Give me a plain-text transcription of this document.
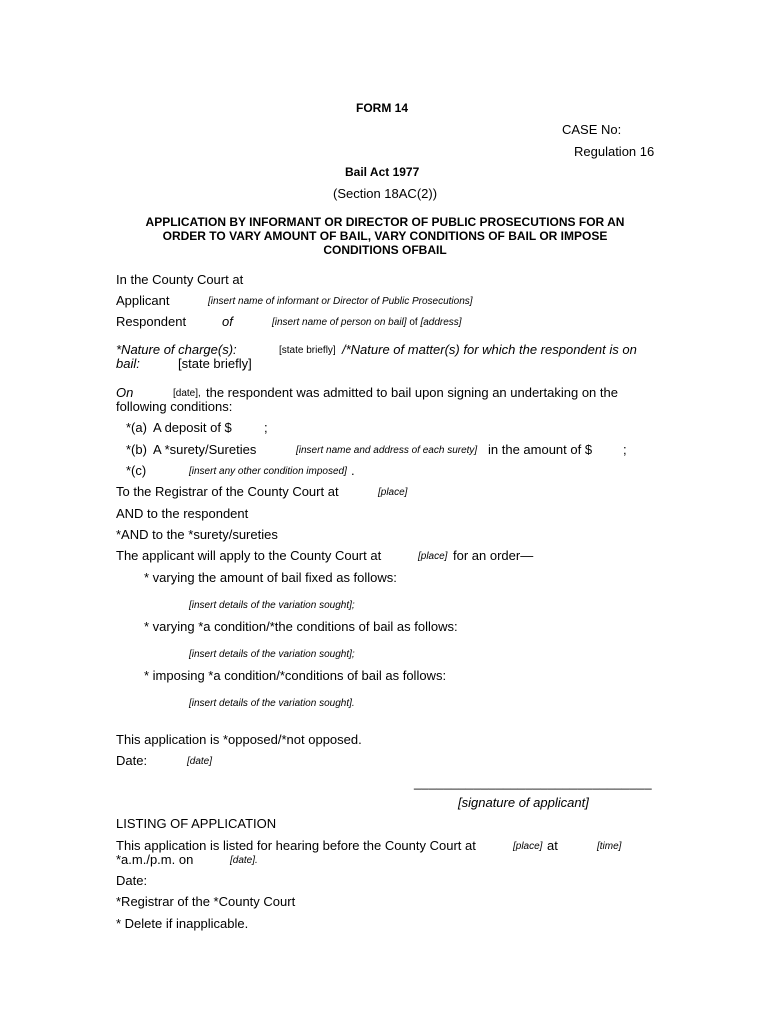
FORM 14
CASE No:
Regulation 16
Bail Act 1977
(Section 18AC(2))
APPLICATION BY INFORMANT OR DIRECTOR OF PUBLIC PROSECUTIONS FOR AN
ORDER TO VARY AMOUNT OF BAIL, VARY CONDITIONS OF BAIL OR IMPOSE
CONDITIONS OFBAIL
In the County Court at
Applicant	[insert name of informant or Director of Public Prosecutions]
Respondent	of	[insert name of person on bail] of [address]
*Nature of charge(s):	[state briefly] /*Nature of matter(s) for which the respondent is on
bail:	[state briefly]
On	[date], the respondent was admitted to bail upon signing an undertaking on the
following conditions:
*(a) A deposit of $ ;
*(b) A *surety/Sureties	[insert name and address of each surety] in the amount of $ ;
*(c)	[insert any other condition imposed] .
To the Registrar of the County Court at	[place]
AND to the respondent
*AND to the *surety/sureties
The applicant will apply to the County Court at	[place] for an order—
* varying the amount of bail fixed as follows:
[insert details of the variation sought];
* varying *a condition/*the conditions of bail as follows:
[insert details of the variation sought];
* imposing *a condition/*conditions of bail as follows:
[insert details of the variation sought].
This application is *opposed/*not opposed.
Date:	[date]
________________________________
[signature of applicant]
LISTING OF APPLICATION
This application is listed for hearing before the County Court at	[place] at	[time]
*a.m./p.m. on	[date].
Date:
*Registrar of the *County Court
* Delete if inapplicable.
